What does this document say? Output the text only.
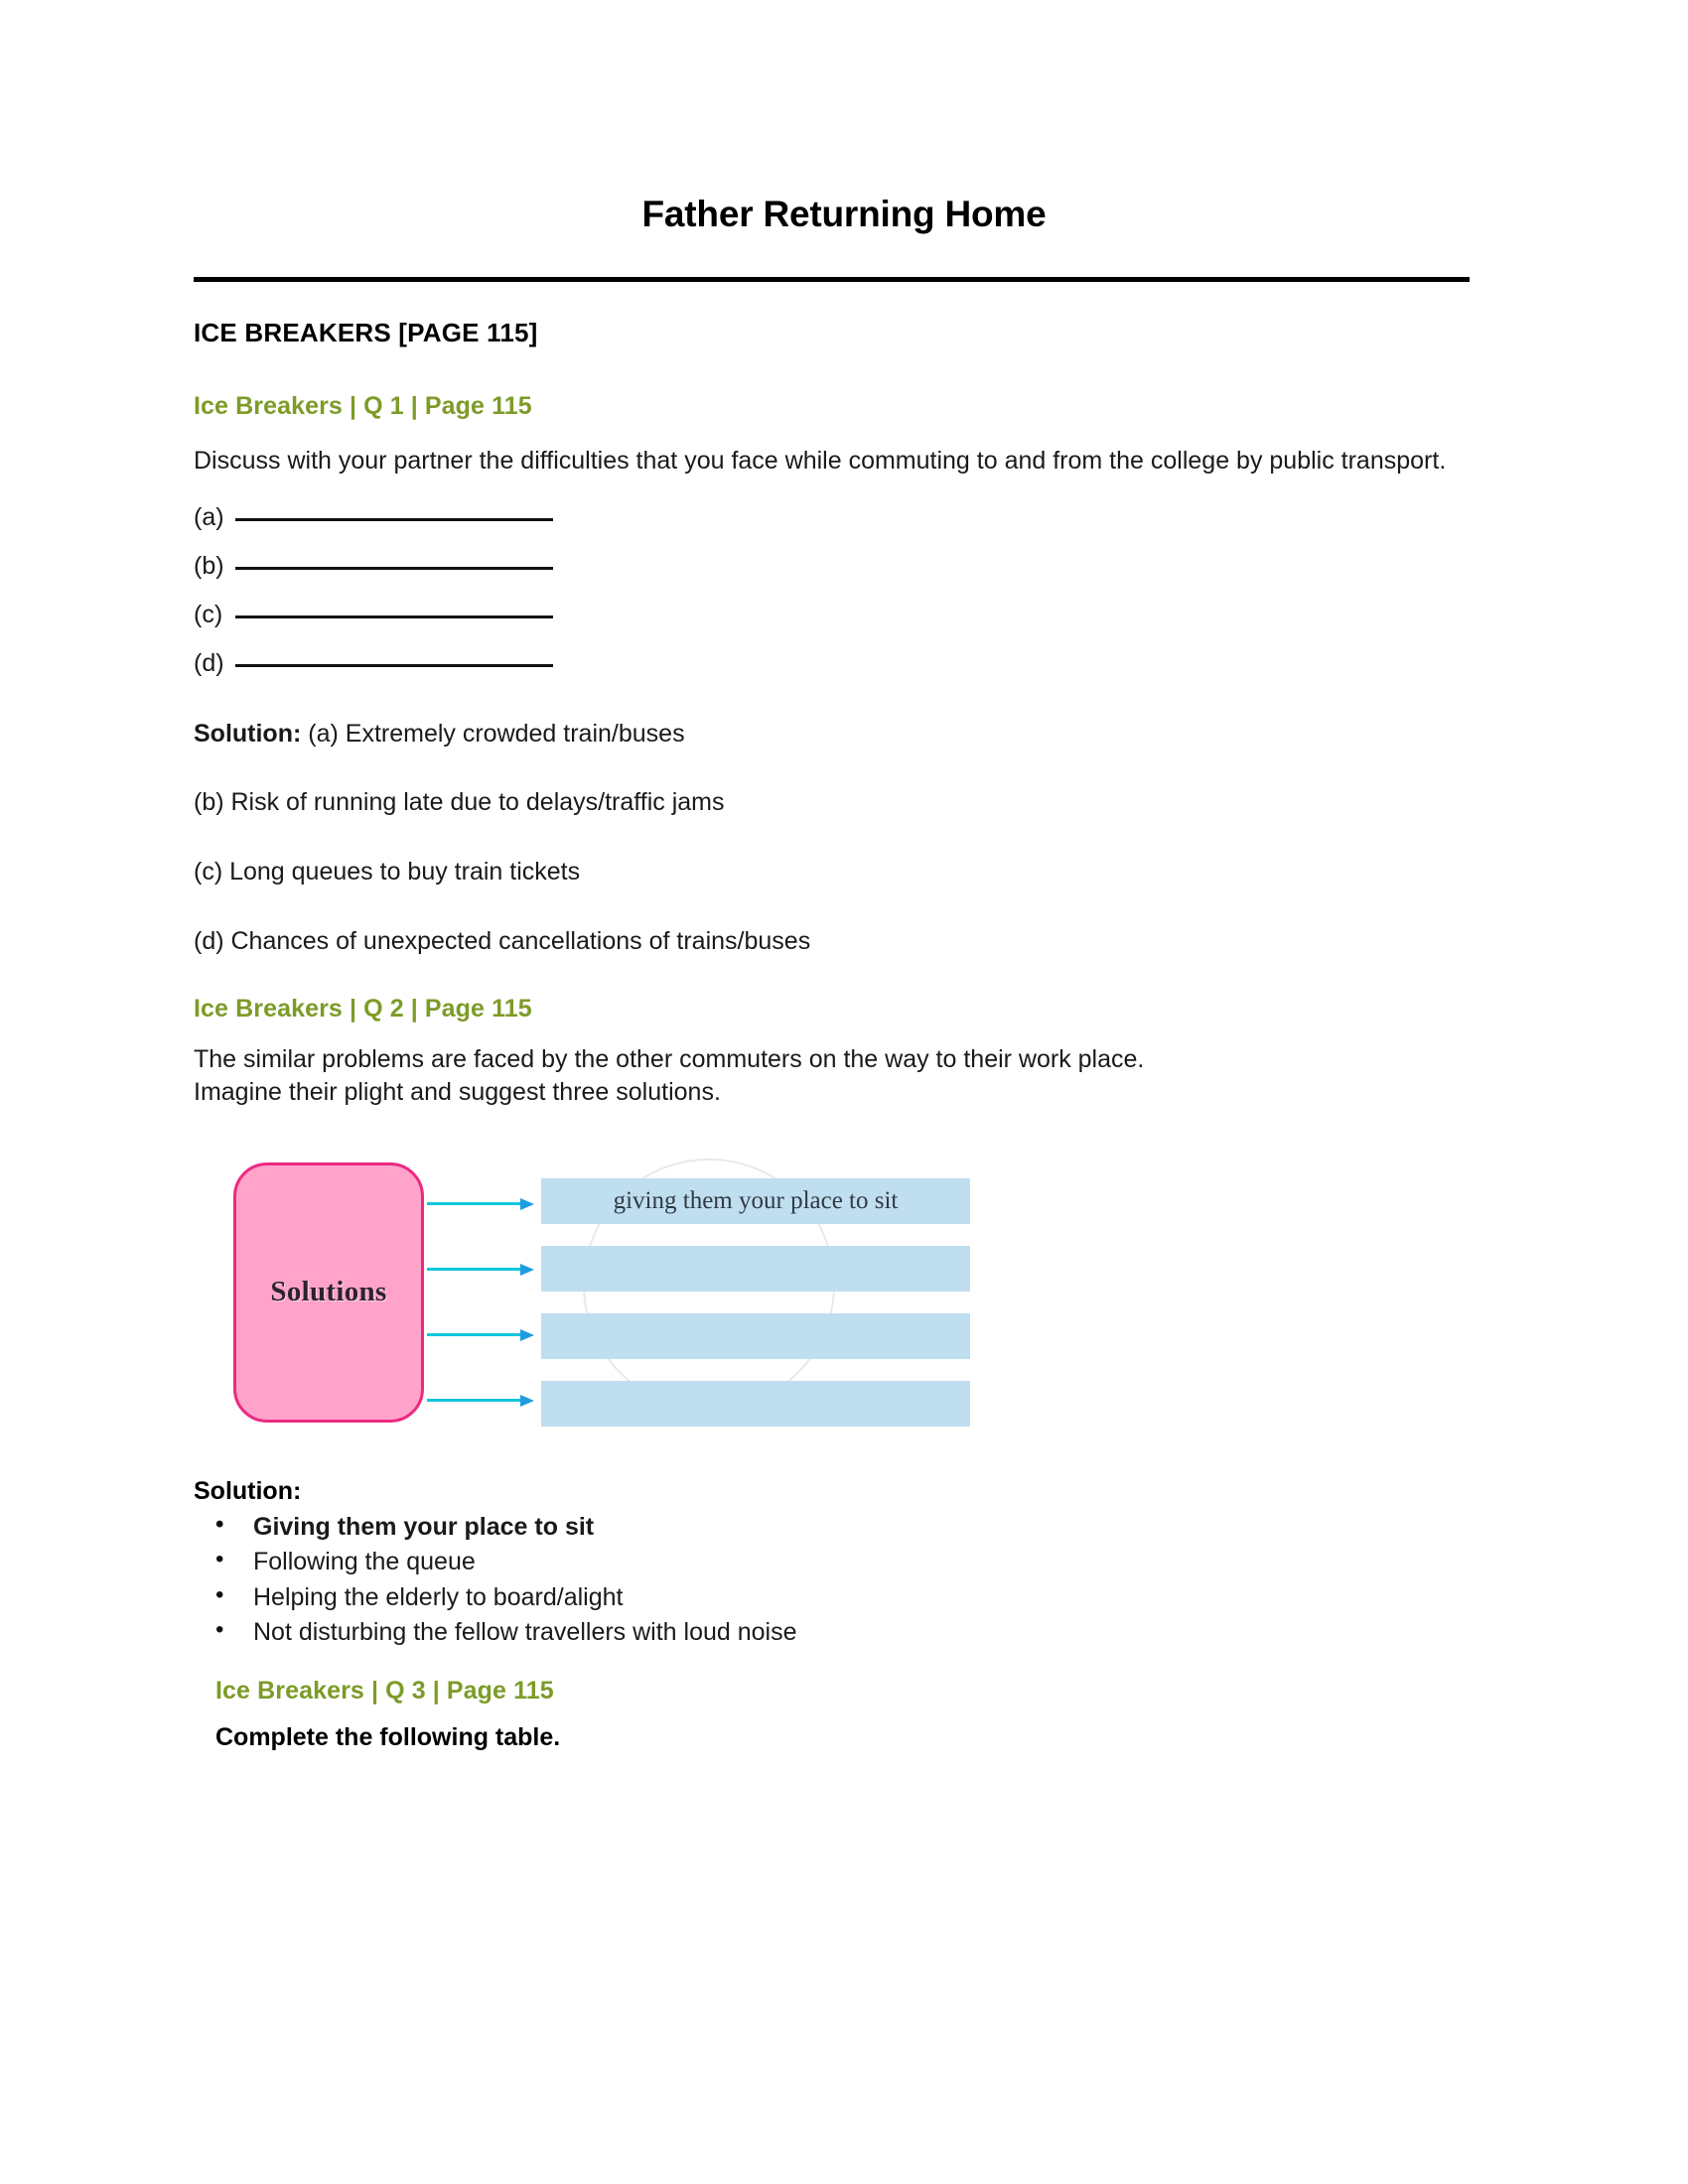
Father Returning Home
ICE BREAKERS [PAGE 115]
Ice Breakers | Q 1 | Page 115

Discuss with your partner the difficulties that you face while commuting to and from the college by public transport.

(a)
(b)
(c)
(d)

Solution: (a) Extremely crowded train/buses

(b) Risk of running late due to delays/traffic jams

(c) Long queues to buy train tickets

(d) Chances of unexpected cancellations of trains/buses

Ice Breakers | Q 2 | Page 115

The similar problems are faced by the other commuters on the way to their work place.

Imagine their plight and suggest three solutions.

Solutions
giving them your place to sit
Solution:
• Giving them your place to sit
• Following the queue
• Helping the elderly to board/alight
• Not disturbing the fellow travellers with loud noise
Ice Breakers | Q 3 | Page 115

Complete the following table.
